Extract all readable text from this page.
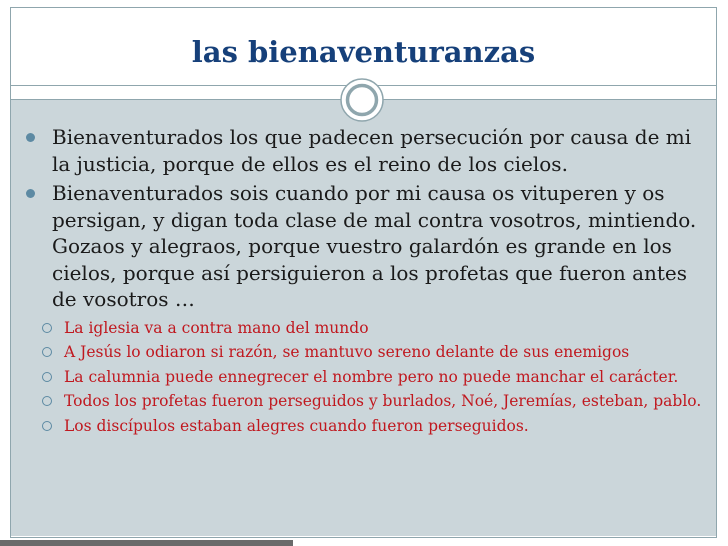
las bienaventuranzas
Bienaventurados los que padecen persecución por causa de mi la justicia, porque de ellos es el reino de los cielos.
Bienaventurados sois cuando por mi causa os vituperen y os persigan, y digan toda clase de mal contra vosotros, mintiendo. Gozaos y alegraos, porque vuestro galardón es grande en los cielos, porque así persiguieron a los profetas que fueron antes de vosotros …
La iglesia va a contra mano del mundo
A Jesús lo odiaron si razón, se mantuvo sereno delante de sus enemigos
La calumnia puede ennegrecer el nombre pero no puede manchar el carácter.
Todos los profetas fueron perseguidos y burlados, Noé, Jeremías, esteban, pablo.
Los discípulos estaban alegres cuando fueron perseguidos.
